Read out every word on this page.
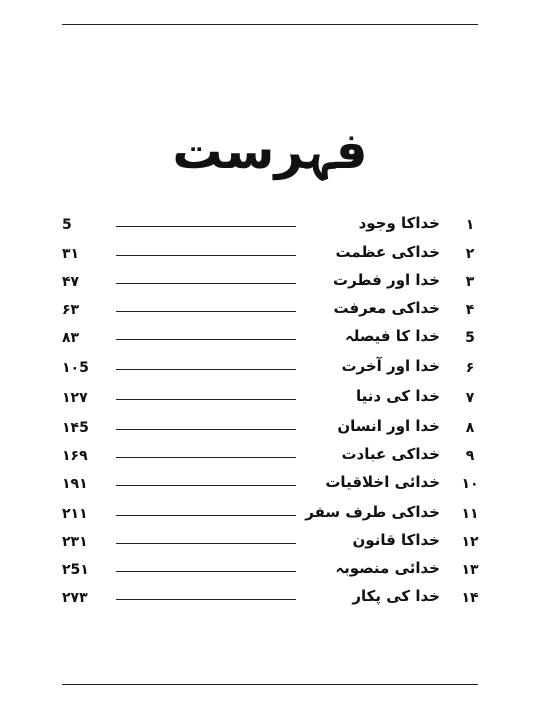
فہرست
۱
خداکا وجود
5
۲
خداکی عظمت
۳۱
۳
خدا اور فطرت
۴۷
۴
خداکی معرفت
۶۳
5
خدا کا فیصلہ
۸۳
۶
خدا اور آخرت
۱۰5
۷
خدا کی دنیا
۱۲۷
۸
خدا اور انسان
۱۴5
۹
خداکی عبادت
۱۶۹
۱۰
خدائی اخلاقیات
۱۹۱
۱۱
خداکی طرف سفر
۲۱۱
۱۲
خداکا قانون
۲۳۱
۱۳
خدائی منصوبہ
۲5۱
۱۴
خدا کی پکار
۲۷۳
